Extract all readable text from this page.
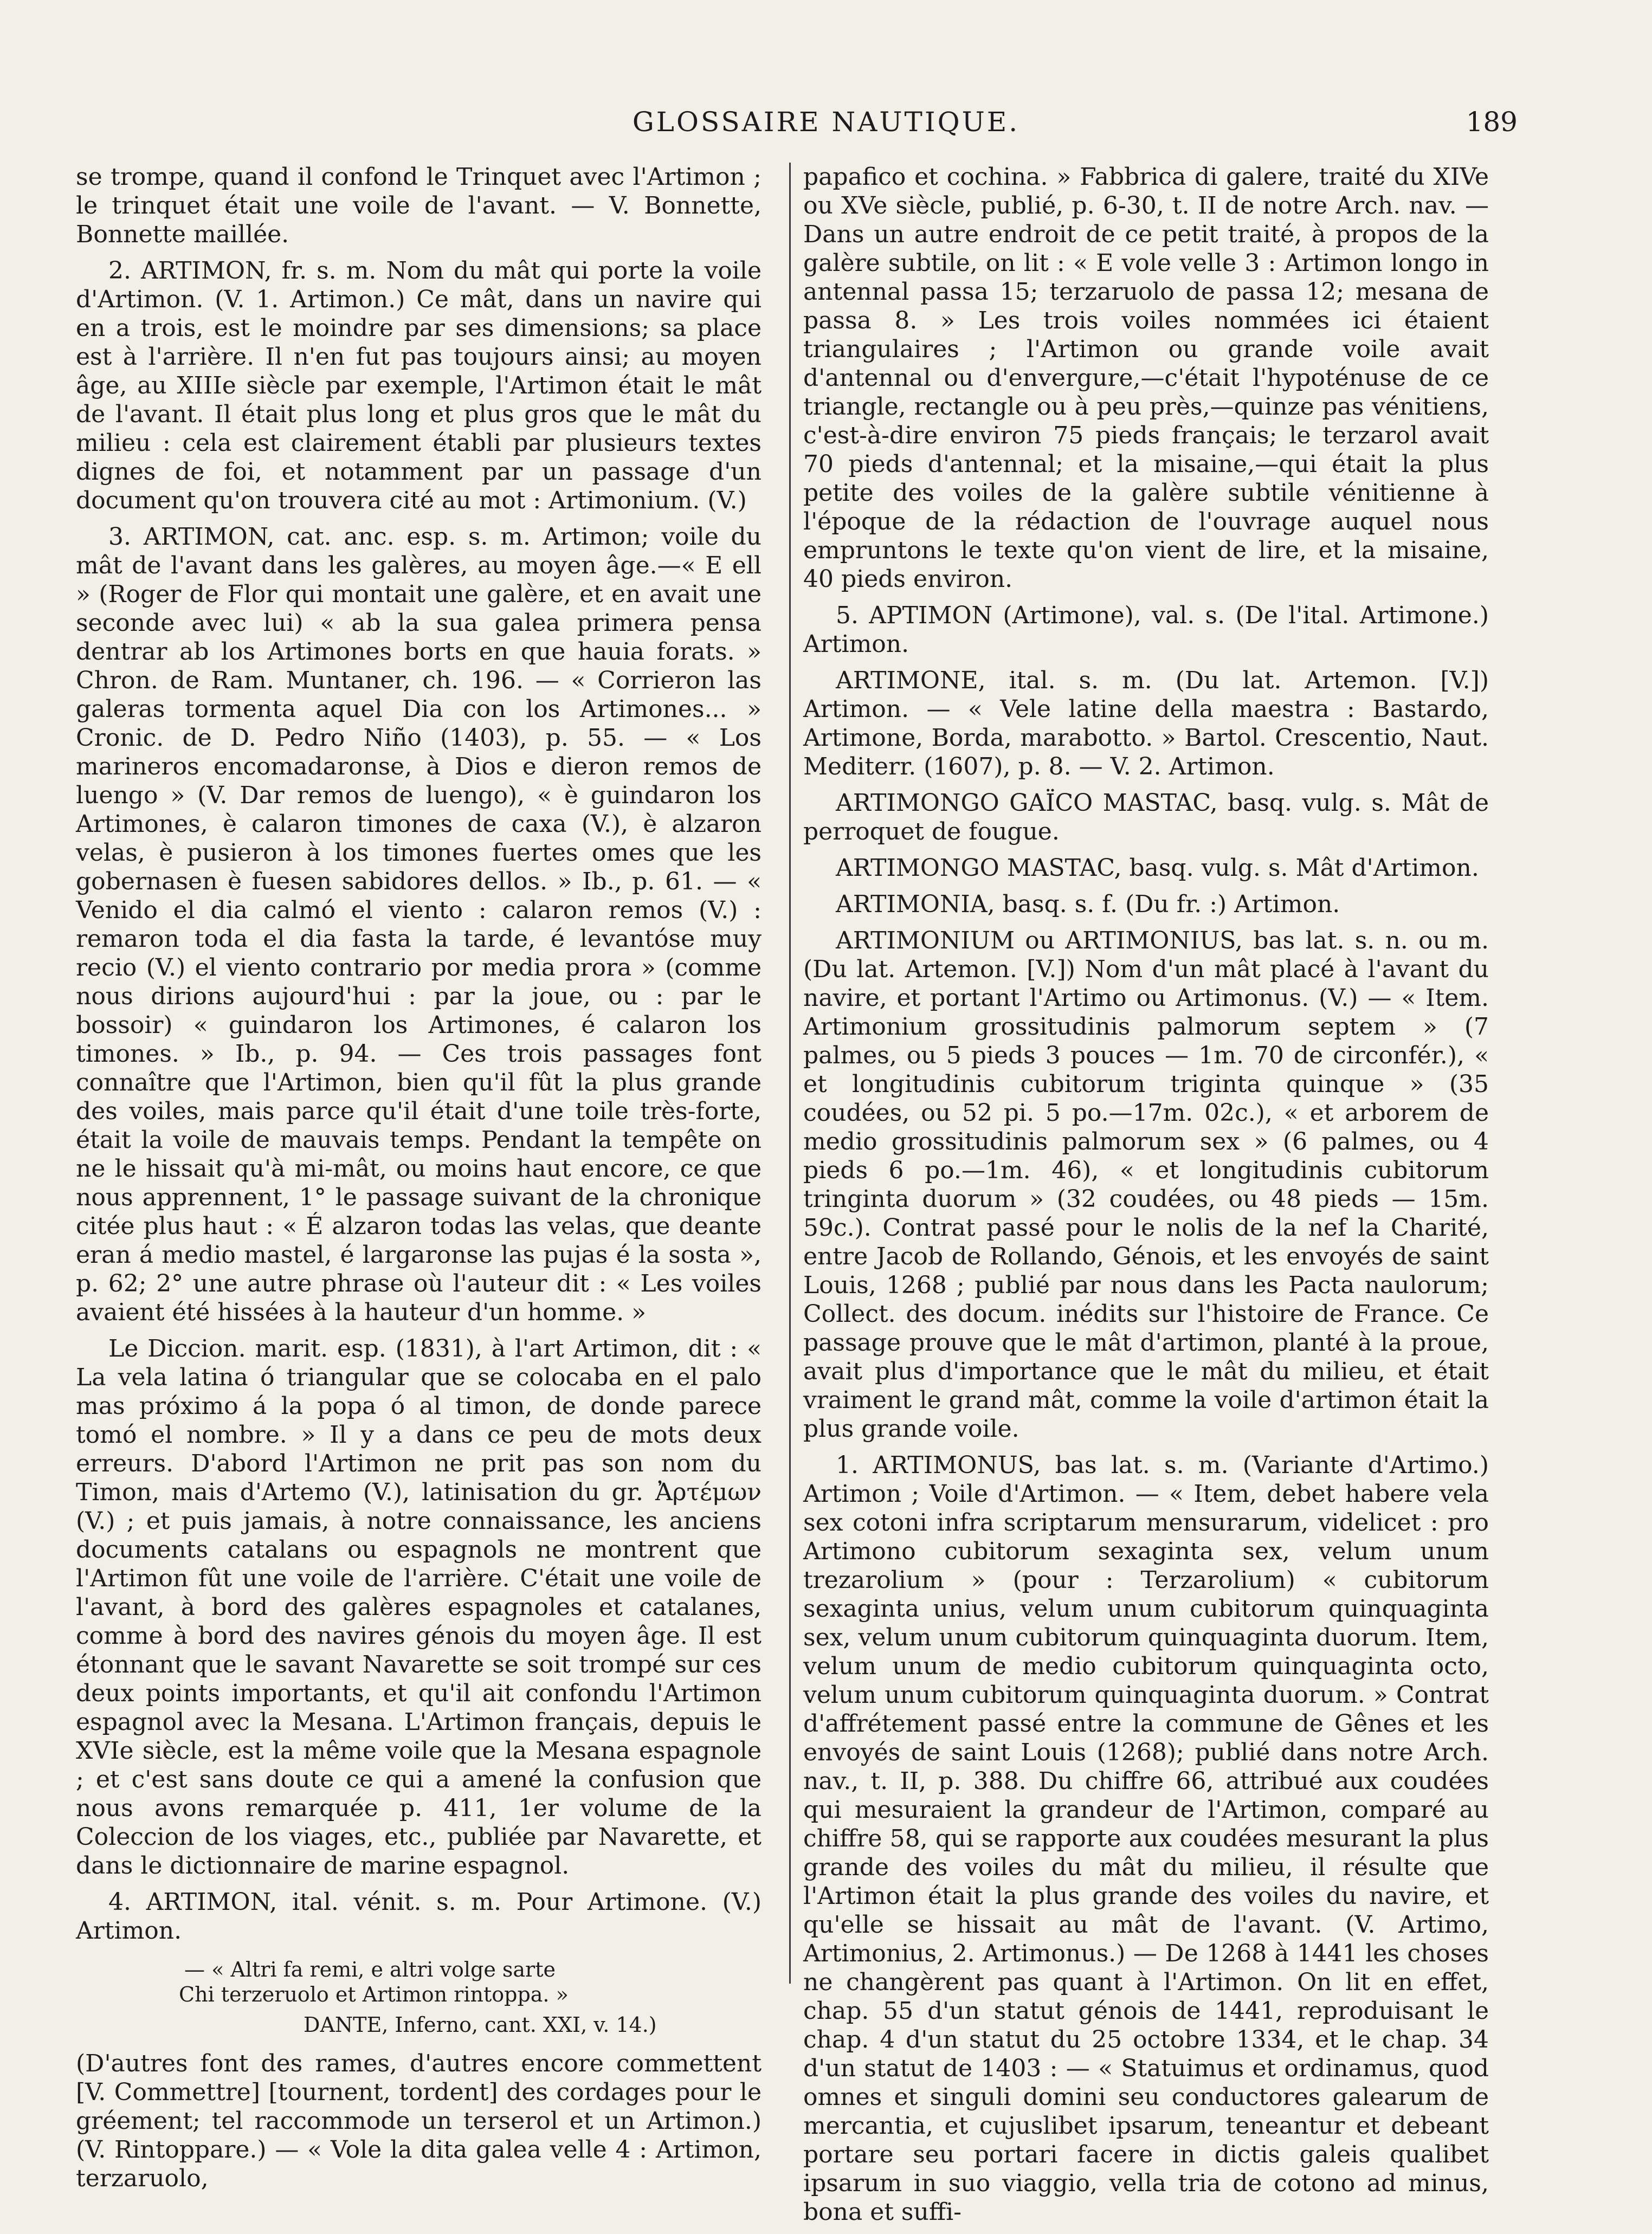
GLOSSAIRE NAUTIQUE.	189

se trompe, quand il confond le Trinquet avec l'Artimon ; le trinquet était une voile de l'avant. — V. Bonnette, Bonnette maillée.

2. ARTIMON, fr. s. m. Nom du mât qui porte la voile d'Artimon. (V. 1. Artimon.) Ce mât, dans un navire qui en a trois, est le moindre par ses dimensions; sa place est à l'arrière. Il n'en fut pas toujours ainsi; au moyen âge, au XIIIe siècle par exemple, l'Artimon était le mât de l'avant. Il était plus long et plus gros que le mât du milieu : cela est clairement établi par plusieurs textes dignes de foi, et notamment par un passage d'un document qu'on trouvera cité au mot : Artimonium. (V.)

3. ARTIMON, cat. anc. esp. s. m. Artimon; voile du mât de l'avant dans les galères, au moyen âge.—« E ell » (Roger de Flor qui montait une galère, et en avait une seconde avec lui) « ab la sua galea primera pensa dentrar ab los Artimones borts en que hauia forats. » Chron. de Ram. Muntaner, ch. 196. — « Corrieron las galeras tormenta aquel Dia con los Artimones... » Cronic. de D. Pedro Niño (1403), p. 55. — « Los marineros encomadaronse, à Dios e dieron remos de luengo » (V. Dar remos de luengo), « è guindaron los Artimones, è calaron timones de caxa (V.), è alzaron velas, è pusieron à los timones fuertes omes que les gobernasen è fuesen sabidores dellos. » Ib., p. 61. — « Venido el dia calmó el viento : calaron remos (V.) : remaron toda el dia fasta la tarde, é levantóse muy recio (V.) el viento contrario por media prora » (comme nous dirions aujourd'hui : par la joue, ou : par le bossoir) « guindaron los Artimones, é calaron los timones. » Ib., p. 94. — Ces trois passages font connaître que l'Artimon, bien qu'il fût la plus grande des voiles, mais parce qu'il était d'une toile très-forte, était la voile de mauvais temps. Pendant la tempête on ne le hissait qu'à mi-mât, ou moins haut encore, ce que nous apprennent, 1° le passage suivant de la chronique citée plus haut : « É alzaron todas las velas, que deante eran á medio mastel, é largaronse las pujas é la sosta », p. 62; 2° une autre phrase où l'auteur dit : « Les voiles avaient été hissées à la hauteur d'un homme. »

Le Diccion. marit. esp. (1831), à l'art Artimon, dit : « La vela latina ó triangular que se colocaba en el palo mas próximo á la popa ó al timon, de donde parece tomó el nombre. » Il y a dans ce peu de mots deux erreurs. D'abord l'Artimon ne prit pas son nom du Timon, mais d'Artemo (V.), latinisation du gr. Ἀρτέμων (V.) ; et puis jamais, à notre connaissance, les anciens documents catalans ou espagnols ne montrent que l'Artimon fût une voile de l'arrière. C'était une voile de l'avant, à bord des galères espagnoles et catalanes, comme à bord des navires génois du moyen âge. Il est étonnant que le savant Navarette se soit trompé sur ces deux points importants, et qu'il ait confondu l'Artimon espagnol avec la Mesana. L'Artimon français, depuis le XVIe siècle, est la même voile que la Mesana espagnole ; et c'est sans doute ce qui a amené la confusion que nous avons remarquée p. 411, 1er volume de la Coleccion de los viages, etc., publiée par Navarette, et dans le dictionnaire de marine espagnol.

4. ARTIMON, ital. vénit. s. m. Pour Artimone. (V.) Artimon.

— « Altri fa remi, e altri volge sarte
Chi terzeruolo et Artimon rintoppa. »
DANTE, Inferno, cant. XXI, v. 14.)

(D'autres font des rames, d'autres encore commettent [V. Commettre] [tournent, tordent] des cordages pour le gréement; tel raccommode un terserol et un Artimon.) (V. Rintoppare.) — « Vole la dita galea velle 4 : Artimon, terzaruolo,

papafico et cochina. » Fabbrica di galere, traité du XIVe ou XVe siècle, publié, p. 6-30, t. II de notre Arch. nav. — Dans un autre endroit de ce petit traité, à propos de la galère subtile, on lit : « E vole velle 3 : Artimon longo in antennal passa 15; terzaruolo de passa 12; mesana de passa 8. » Les trois voiles nommées ici étaient triangulaires ; l'Artimon ou grande voile avait d'antennal ou d'envergure,—c'était l'hypoténuse de ce triangle, rectangle ou à peu près,—quinze pas vénitiens, c'est-à-dire environ 75 pieds français; le terzarol avait 70 pieds d'antennal; et la misaine,—qui était la plus petite des voiles de la galère subtile vénitienne à l'époque de la rédaction de l'ouvrage auquel nous empruntons le texte qu'on vient de lire, et la misaine, 40 pieds environ.

5. APTIMON (Artimone), val. s. (De l'ital. Artimone.) Artimon.

ARTIMONE, ital. s. m. (Du lat. Artemon. [V.]) Artimon. — « Vele latine della maestra : Bastardo, Artimone, Borda, marabotto. » Bartol. Crescentio, Naut. Mediterr. (1607), p. 8. — V. 2. Artimon.

ARTIMONGO GAÏCO MASTAC, basq. vulg. s. Mât de perroquet de fougue.

ARTIMONGO MASTAC, basq. vulg. s. Mât d'Artimon.

ARTIMONIA, basq. s. f. (Du fr. :) Artimon.

ARTIMONIUM ou ARTIMONIUS, bas lat. s. n. ou m. (Du lat. Artemon. [V.]) Nom d'un mât placé à l'avant du navire, et portant l'Artimo ou Artimonus. (V.) — « Item. Artimonium grossitudinis palmorum septem » (7 palmes, ou 5 pieds 3 pouces — 1m. 70 de circonfér.), « et longitudinis cubitorum triginta quinque » (35 coudées, ou 52 pi. 5 po.—17m. 02c.), « et arborem de medio grossitudinis palmorum sex » (6 palmes, ou 4 pieds 6 po.—1m. 46), « et longitudinis cubitorum tringinta duorum » (32 coudées, ou 48 pieds — 15m. 59c.). Contrat passé pour le nolis de la nef la Charité, entre Jacob de Rollando, Génois, et les envoyés de saint Louis, 1268 ; publié par nous dans les Pacta naulorum; Collect. des docum. inédits sur l'histoire de France. Ce passage prouve que le mât d'artimon, planté à la proue, avait plus d'importance que le mât du milieu, et était vraiment le grand mât, comme la voile d'artimon était la plus grande voile.

1. ARTIMONUS, bas lat. s. m. (Variante d'Artimo.) Artimon ; Voile d'Artimon. — « Item, debet habere vela sex cotoni infra scriptarum mensurarum, videlicet : pro Artimono cubitorum sexaginta sex, velum unum trezarolium » (pour : Terzarolium) « cubitorum sexaginta unius, velum unum cubitorum quinquaginta sex, velum unum cubitorum quinquaginta duorum. Item, velum unum de medio cubitorum quinquaginta octo, velum unum cubitorum quinquaginta duorum. » Contrat d'affrétement passé entre la commune de Gênes et les envoyés de saint Louis (1268); publié dans notre Arch. nav., t. II, p. 388. Du chiffre 66, attribué aux coudées qui mesuraient la grandeur de l'Artimon, comparé au chiffre 58, qui se rapporte aux coudées mesurant la plus grande des voiles du mât du milieu, il résulte que l'Artimon était la plus grande des voiles du navire, et qu'elle se hissait au mât de l'avant. (V. Artimo, Artimonius, 2. Artimonus.) — De 1268 à 1441 les choses ne changèrent pas quant à l'Artimon. On lit en effet, chap. 55 d'un statut génois de 1441, reproduisant le chap. 4 d'un statut du 25 octobre 1334, et le chap. 34 d'un statut de 1403 : — « Statuimus et ordinamus, quod omnes et singuli domini seu conductores galearum de mercantia, et cujuslibet ipsarum, teneantur et debeant portare seu portari facere in dictis galeis qualibet ipsarum in suo viaggio, vella tria de cotono ad minus, bona et suffi-
